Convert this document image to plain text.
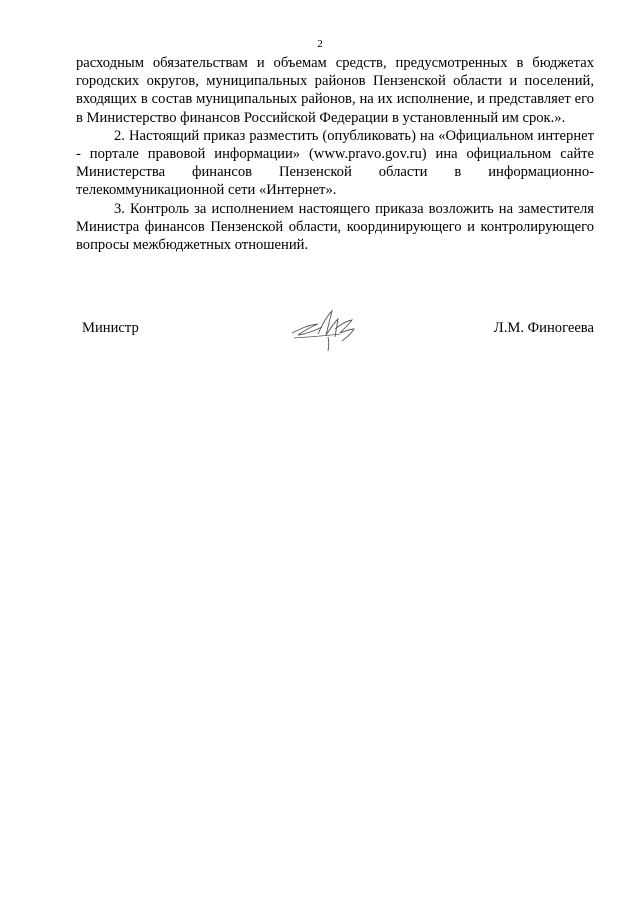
2

расходным обязательствам и объемам средств, предусмотренных в бюджетах городских округов, муниципальных районов Пензенской области и поселений, входящих в состав муниципальных районов, на их исполнение, и представляет его в Министерство финансов Российской Федерации в установленный им срок.».

2. Настоящий приказ разместить (опубликовать) на «Официальном интернет - портале правовой информации» (www.pravo.gov.ru) ина официальном сайте Министерства финансов Пензенской области в информационно-телекоммуникационной сети «Интернет».

3. Контроль за исполнением настоящего приказа возложить на заместителя Министра финансов Пензенской области, координирующего и контролирующего вопросы межбюджетных отношений.

Министр	Л.М. Финогеева
